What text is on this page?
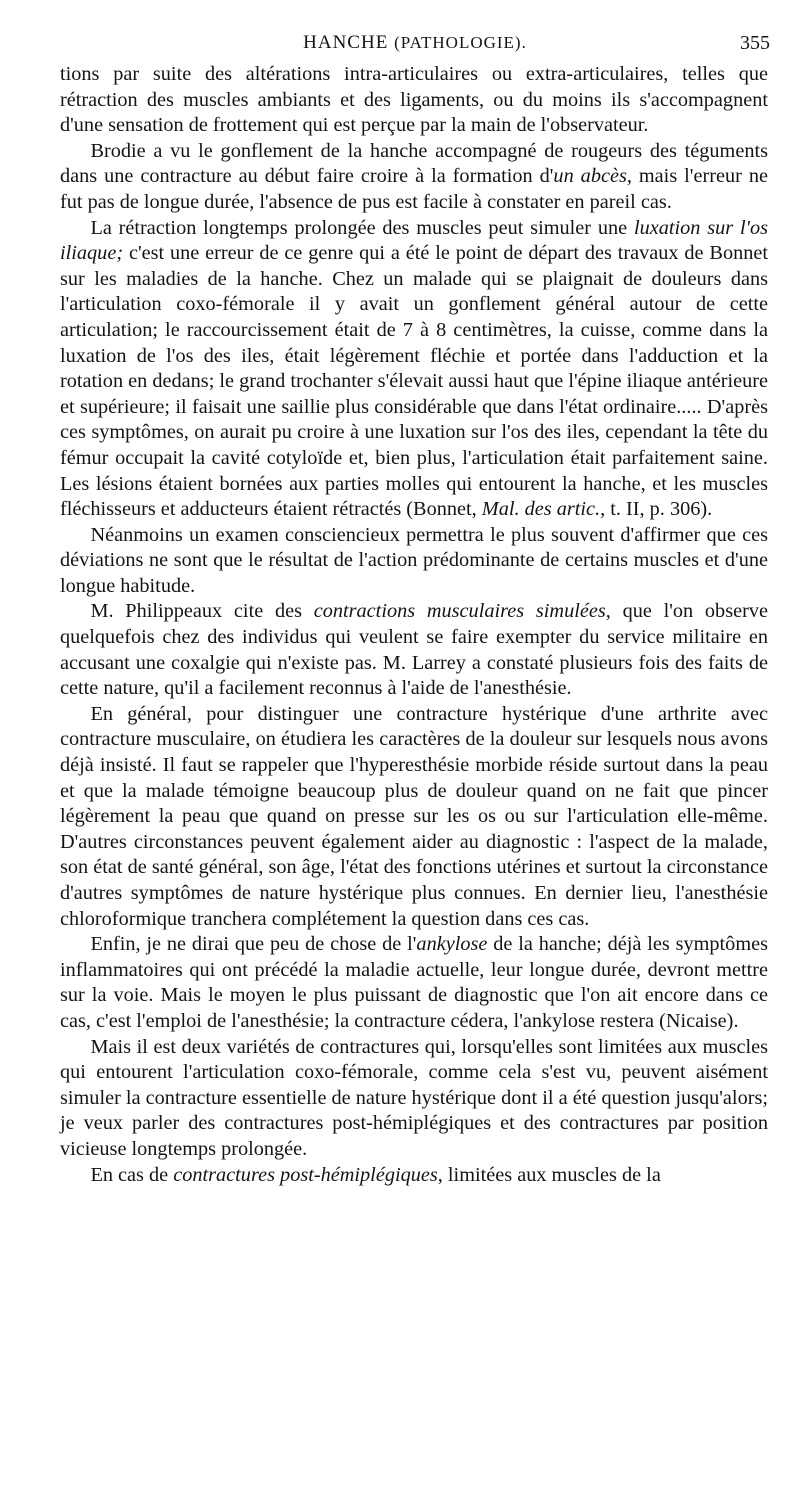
HANCHE (PATHOLOGIE).	355

tions par suite des altérations intra-articulaires ou extra-articulaires, telles que rétraction des muscles ambiants et des ligaments, ou du moins ils s'accompagnent d'une sensation de frottement qui est perçue par la main de l'observateur.

Brodie a vu le gonflement de la hanche accompagné de rougeurs des téguments dans une contracture au début faire croire à la formation d'un abcès, mais l'erreur ne fut pas de longue durée, l'absence de pus est facile à constater en pareil cas.

La rétraction longtemps prolongée des muscles peut simuler une luxation sur l'os iliaque; c'est une erreur de ce genre qui a été le point de départ des travaux de Bonnet sur les maladies de la hanche. Chez un malade qui se plaignait de douleurs dans l'articulation coxo-fémorale il y avait un gonflement général autour de cette articulation; le raccourcissement était de 7 à 8 centimètres, la cuisse, comme dans la luxation de l'os des iles, était légèrement fléchie et portée dans l'adduction et la rotation en dedans; le grand trochanter s'élevait aussi haut que l'épine iliaque antérieure et supérieure; il faisait une saillie plus considérable que dans l'état ordinaire..... D'après ces symptômes, on aurait pu croire à une luxation sur l'os des iles, cependant la tête du fémur occupait la cavité cotyloïde et, bien plus, l'articulation était parfaitement saine. Les lésions étaient bornées aux parties molles qui entourent la hanche, et les muscles fléchisseurs et adducteurs étaient rétractés (Bonnet, Mal. des artic., t. II, p. 306).

Néanmoins un examen consciencieux permettra le plus souvent d'affirmer que ces déviations ne sont que le résultat de l'action prédominante de certains muscles et d'une longue habitude.

M. Philippeaux cite des contractions musculaires simulées, que l'on observe quelquefois chez des individus qui veulent se faire exempter du service militaire en accusant une coxalgie qui n'existe pas. M. Larrey a constaté plusieurs fois des faits de cette nature, qu'il a facilement reconnus à l'aide de l'anesthésie.

En général, pour distinguer une contracture hystérique d'une arthrite avec contracture musculaire, on étudiera les caractères de la douleur sur lesquels nous avons déjà insisté. Il faut se rappeler que l'hyperesthésie morbide réside surtout dans la peau et que la malade témoigne beaucoup plus de douleur quand on ne fait que pincer légèrement la peau que quand on presse sur les os ou sur l'articulation elle-même. D'autres circonstances peuvent également aider au diagnostic : l'aspect de la malade, son état de santé général, son âge, l'état des fonctions utérines et surtout la circonstance d'autres symptômes de nature hystérique plus connues. En dernier lieu, l'anesthésie chloroformique tranchera complétement la question dans ces cas.

Enfin, je ne dirai que peu de chose de l'ankylose de la hanche; déjà les symptômes inflammatoires qui ont précédé la maladie actuelle, leur longue durée, devront mettre sur la voie. Mais le moyen le plus puissant de diagnostic que l'on ait encore dans ce cas, c'est l'emploi de l'anesthésie; la contracture cédera, l'ankylose restera (Nicaise).

Mais il est deux variétés de contractures qui, lorsqu'elles sont limitées aux muscles qui entourent l'articulation coxo-fémorale, comme cela s'est vu, peuvent aisément simuler la contracture essentielle de nature hystérique dont il a été question jusqu'alors; je veux parler des contractures post-hémiplégiques et des contractures par position vicieuse longtemps prolongée.

En cas de contractures post-hémiplégiques, limitées aux muscles de la
